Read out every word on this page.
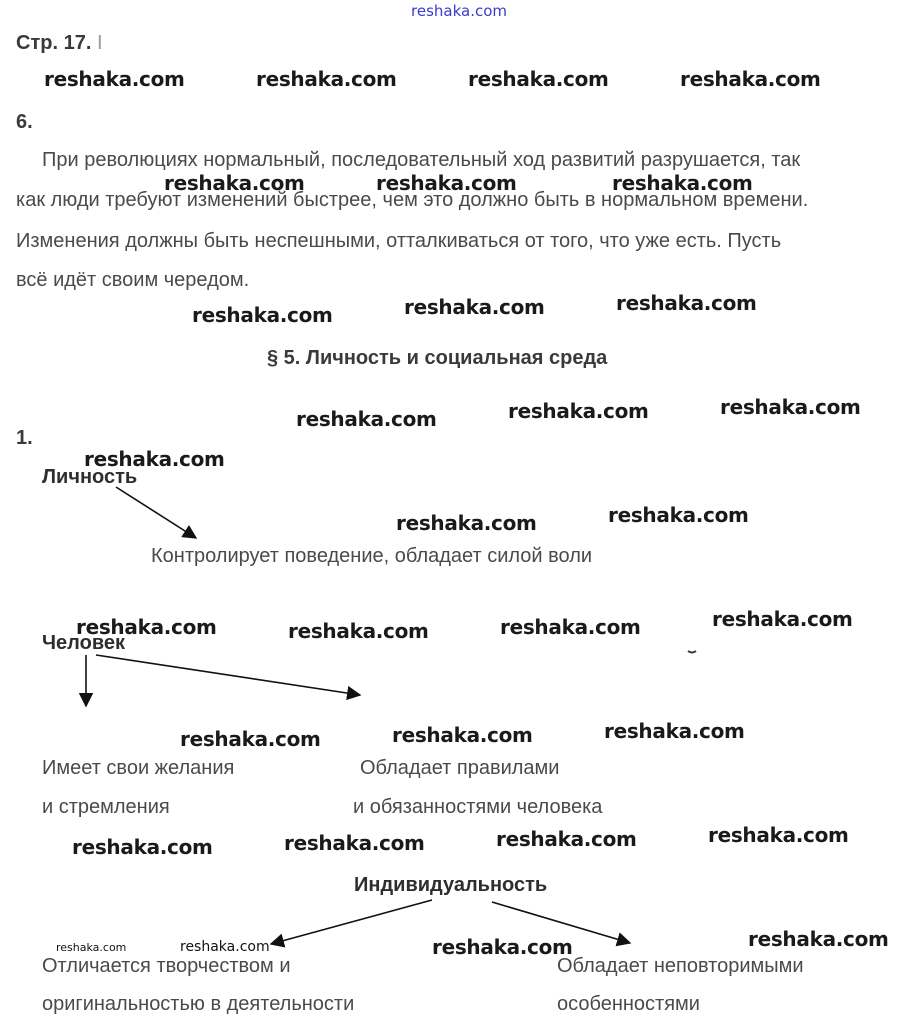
reshaka.com
Стр. 17. I
reshaka.com	reshaka.com	reshaka.com	reshaka.com
6.
При революциях нормальный, последовательный ход развитий разрушается, так
как люди требуют изменений быстрее, чем это должно быть в нормальном времени.
Изменения должны быть неспешными, отталкиваться от того, что уже есть. Пусть
всё идёт своим чередом.
reshaka.com	reshaka.com	reshaka.com
reshaka.com	reshaka.com	reshaka.com
§ 5. Личность и социальная среда
reshaka.com	reshaka.com	reshaka.com
1.
reshaka.com
Личность
reshaka.com	reshaka.com
Контролирует поведение, обладает силой воли
reshaka.com	reshaka.com	reshaka.com	reshaka.com
Человек
reshaka.com	reshaka.com	reshaka.com
Имеет свои желания
и стремления
Обладает правилами
и обязанностями человека
reshaka.com	reshaka.com	reshaka.com	reshaka.com
Индивидуальность
reshaka.com	reshaka.com	reshaka.com	reshaka.com
Отличается творчеством и
оригинальностью в деятельности
Обладает неповторимыми
особенностями
